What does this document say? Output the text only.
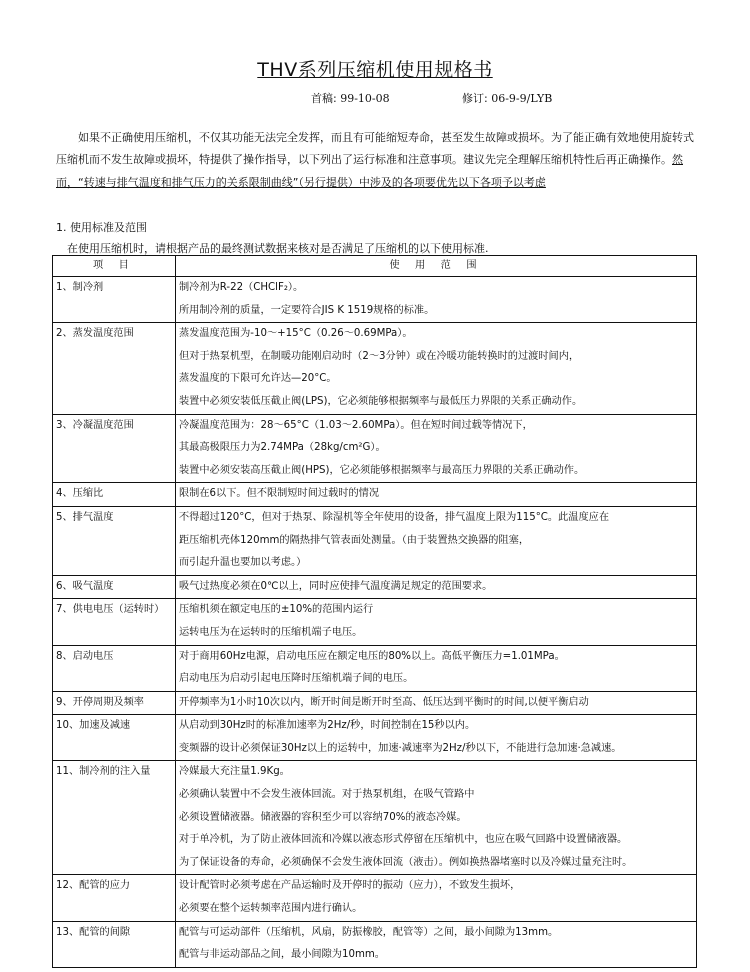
THV系列压缩机使用规格书
首稿: 99-10-08	修订: 06-9-9/LYB
如果不正确使用压缩机，不仅其功能无法完全发挥，而且有可能缩短寿命，甚至发生故障或损坏。为了能正确有效地使用旋转式压缩机而不发生故障或损坏，特提供了操作指导，以下列出了运行标准和注意事项。建议先完全理解压缩机特性后再正确操作。然而，“转速与排气温度和排气压力的关系限制曲线”（另行提供）中涉及的各项要优先以下各项予以考虑
1. 使用标准及范围
在使用压缩机时，请根据产品的最终测试数据来核对是否满足了压缩机的以下使用标准.
项 目	使 用 范 围

1、制冷剂	制冷剂为R-22（CHClF₂）。
所用制冷剂的质量，一定要符合JIS K 1519规格的标准。

2、蒸发温度范围	蒸发温度范围为-10～+15°C（0.26～0.69MPa）。
但对于热泵机型，在制暖功能刚启动时（2～3分钟）或在冷暖功能转换时的过渡时间内，
蒸发温度的下限可允许达—20°C。
装置中必须安装低压截止阀(LPS)，它必须能够根据频率与最低压力界限的关系正确动作。

3、冷凝温度范围	冷凝温度范围为：28～65°C（1.03～2.60MPa）。但在短时间过载等情况下，
其最高极限压力为2.74MPa（28kg/cm²G）。
装置中必须安装高压截止阀(HPS)，它必须能够根据频率与最高压力界限的关系正确动作。

4、压缩比	限制在6以下。但不限制短时间过载时的情况

5、排气温度	不得超过120°C，但对于热泵、除湿机等全年使用的设备，排气温度上限为115°C。此温度应在
距压缩机壳体120mm的隔热排气管表面处测量。（由于装置热交换器的阻塞，
而引起升温也要加以考虑。）

6、吸气温度	吸气过热度必须在0℃以上，同时应使排气温度满足规定的范围要求。

7、供电电压（运转时）	压缩机须在额定电压的±10%的范围内运行
运转电压为在运转时的压缩机端子电压。

8、启动电压	对于商用60Hz电源，启动电压应在额定电压的80%以上。高低平衡压力=1.01MPa。
启动电压为启动引起电压降时压缩机端子间的电压。

9、开停周期及频率	开停频率为1小时10次以内，断开时间是断开时至高、低压达到平衡时的时间,以便平衡启动

10、加速及减速	从启动到30Hz时的标准加速率为2Hz/秒，时间控制在15秒以内。
变频器的设计必须保证30Hz以上的运转中，加速·减速率为2Hz/秒以下，不能进行急加速·急减速。

11、制冷剂的注入量	冷媒最大充注量1.9Kg。
必须确认装置中不会发生液体回流。对于热泵机组，在吸气管路中
必须设置储液器。储液器的容积至少可以容纳70%的液态冷媒。
对于单冷机，为了防止液体回流和冷媒以液态形式停留在压缩机中，也应在吸气回路中设置储液器。
为了保证设备的寿命，必须确保不会发生液体回流（液击）。例如换热器堵塞时以及冷媒过量充注时。

12、配管的应力	设计配管时必须考虑在产品运输时及开停时的振动（应力），不致发生损坏，
必须要在整个运转频率范围内进行确认。

13、配管的间隙	配管与可运动部件（压缩机，风扇，防振橡胶，配管等）之间，最小间隙为13mm。
配管与非运动部品之间，最小间隙为10mm。
